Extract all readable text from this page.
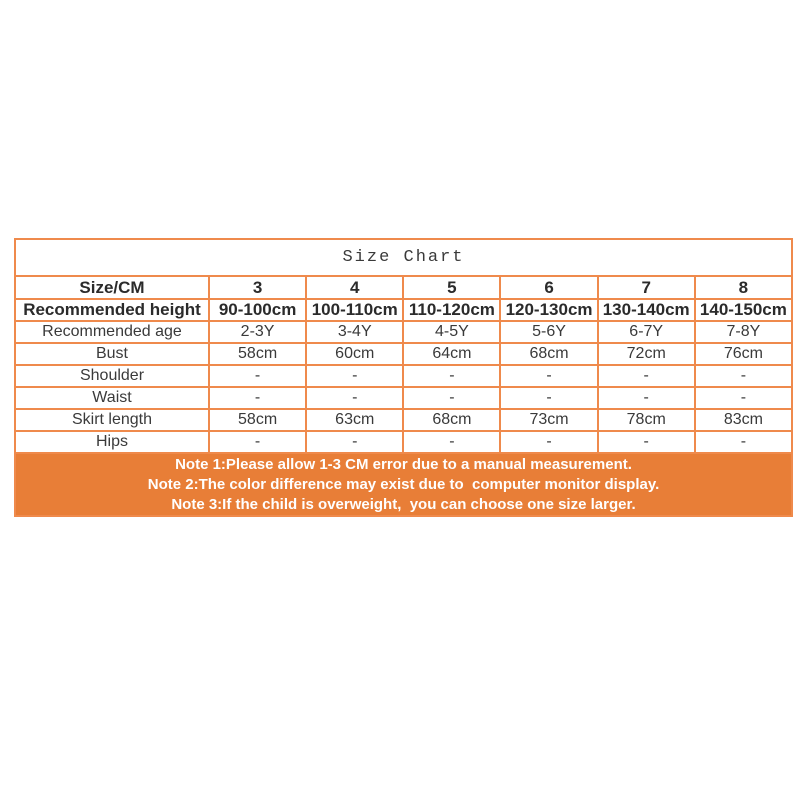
Size Chart						
Size/CM	3	4	5	6	7	8
Recommended height	90-100cm	100-110cm	110-120cm	120-130cm	130-140cm	140-150cm
Recommended age	2-3Y	3-4Y	4-5Y	5-6Y	6-7Y	7-8Y
Bust	58cm	60cm	64cm	68cm	72cm	76cm
Shoulder	-	-	-	-	-	-
Waist	-	-	-	-	-	-
Skirt length	58cm	63cm	68cm	73cm	78cm	83cm
Hips	-	-	-	-	-	-

Note 1:Please allow 1-3 CM error due to a manual measurement.
Note 2:The color difference may exist due to  computer monitor display.
Note 3:If the child is overweight,  you can choose one size larger.						
